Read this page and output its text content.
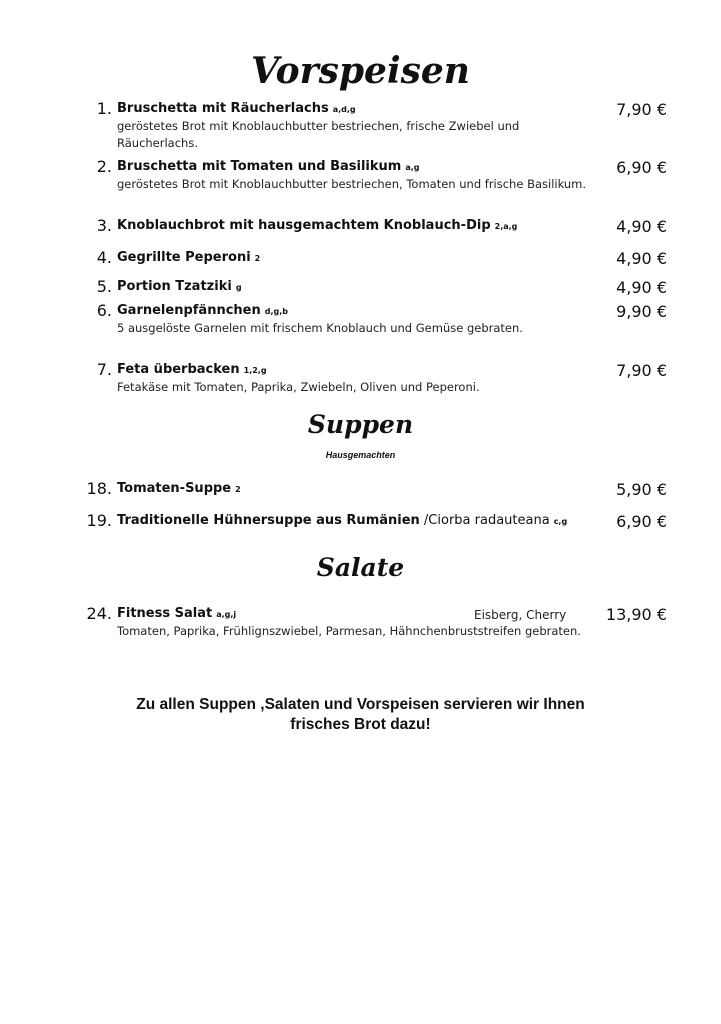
Vorspeisen
1. Bruschetta mit Räucherlachs a,d,g
geröstetes Brot mit Knoblauchbutter bestriechen, frische Zwiebel und Räucherlachs.
7,90 €
2. Bruschetta mit Tomaten und Basilikum a,g
geröstetes Brot mit Knoblauchbutter bestriechen, Tomaten und frische Basilikum.
6,90 €
3. Knoblauchbrot mit hausgemachtem Knoblauch-Dip 2,a,g	4,90 €
4. Gegrillte Peperoni 2	4,90 €
5. Portion Tzatziki g	4,90 €
6. Garnelenpfännchen d,g,b
5 ausgelöste Garnelen mit frischem Knoblauch und Gemüse gebraten.
9,90 €
7. Feta überbacken 1,2,g
Fetakäse mit Tomaten, Paprika, Zwiebeln, Oliven und Peperoni.
7,90 €
Suppen
Hausgemachten
18. Tomaten-Suppe 2	5,90 €
19. Traditionelle Hühnersuppe aus Rumänien /Ciorba radauteana c,g	6,90 €
Salate
24. Fitness Salat a,g,j	Eisberg, Cherry
Tomaten, Paprika, Frühlignszwiebel, Parmesan, Hähnchenbruststreifen gebraten.
13,90 €
Zu allen Suppen ,Salaten und Vorspeisen servieren wir Ihnen
frisches Brot dazu!
